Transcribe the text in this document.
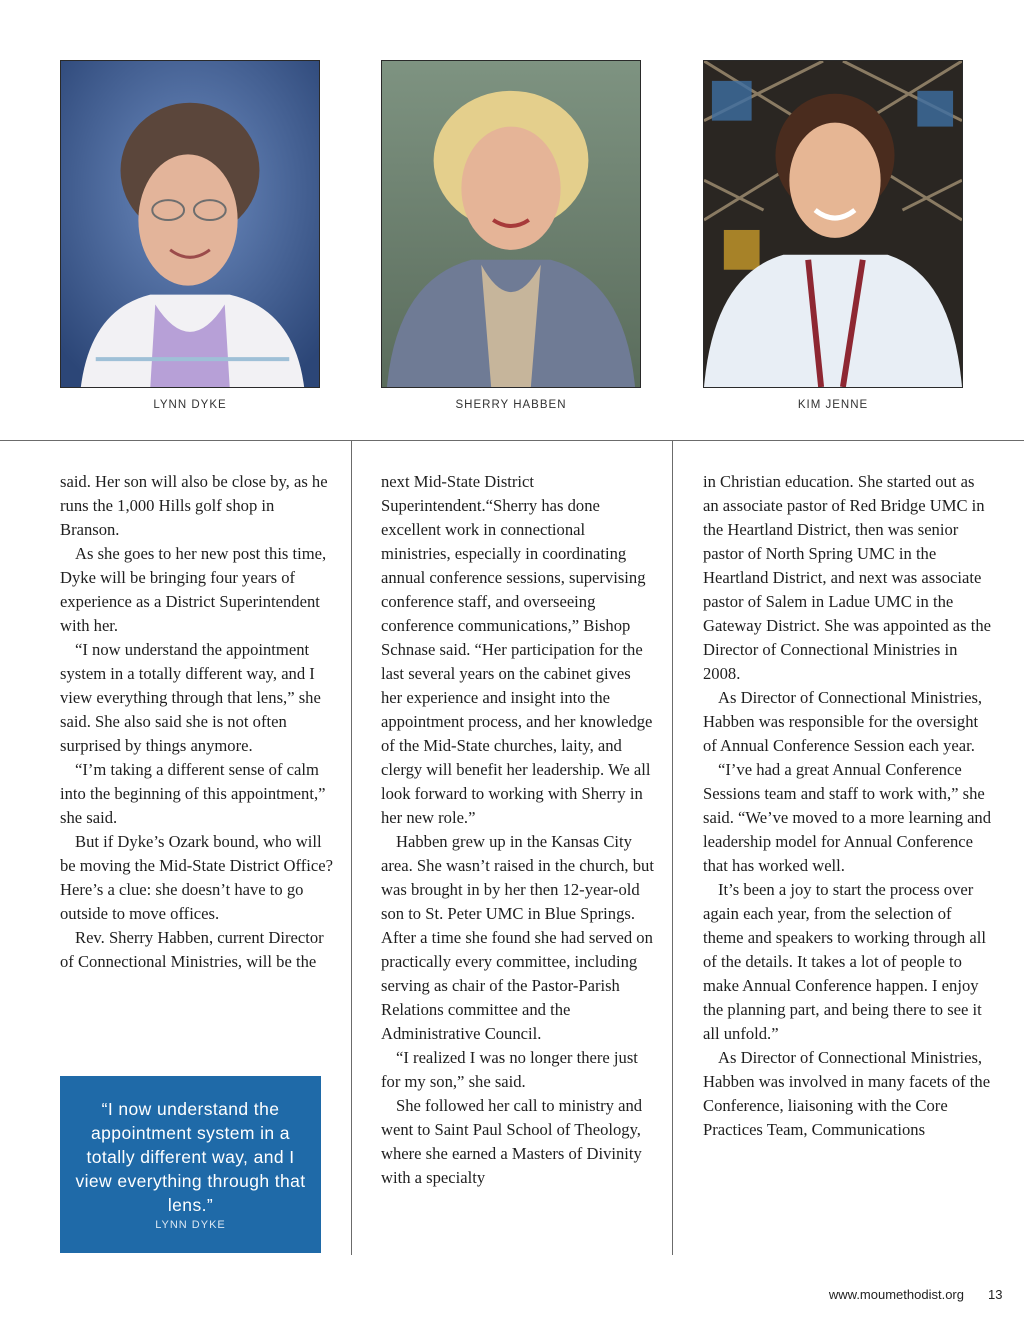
LYNN DYKE	SHERRY HABBEN	KIM JENNE

said. Her son will also be close by, as he runs the 1,000 Hills golf shop in Branson.

As she goes to her new post this time, Dyke will be bringing four years of experience as a District Superintendent with her.

“I now understand the appointment system in a totally different way, and I view everything through that lens,” she said. She also said she is not often surprised by things anymore.

“I’m taking a different sense of calm into the beginning of this appointment,” she said.

But if Dyke’s Ozark bound, who will be moving the Mid-State District Office? Here’s a clue: she doesn’t have to go outside to move offices.

Rev. Sherry Habben, current Director of Connectional Ministries, will be the

next Mid-State District Superintendent.“Sherry has done excellent work in connectional ministries, especially in coordinating annual conference sessions, supervising conference staff, and overseeing conference communications,” Bishop Schnase said. “Her participation for the last several years on the cabinet gives her experience and insight into the appointment process, and her knowledge of the Mid-State churches, laity, and clergy will benefit her leadership. We all look forward to working with Sherry in her new role.”

Habben grew up in the Kansas City area. She wasn’t raised in the church, but was brought in by her then 12-year-old son to St. Peter UMC in Blue Springs. After a time she found she had served on practically every committee, including serving as chair of the Pastor-Parish Relations committee and the Administrative Council.

“I realized I was no longer there just for my son,” she said.

She followed her call to ministry and went to Saint Paul School of Theology, where she earned a Masters of Divinity with a specialty

in Christian education. She started out as an associate pastor of Red Bridge UMC in the Heartland District, then was senior pastor of North Spring UMC in the Heartland District, and next was associate pastor of Salem in Ladue UMC in the Gateway District. She was appointed as the Director of Connectional Ministries in 2008.

As Director of Connectional Ministries, Habben was responsible for the oversight of Annual Conference Session each year.

“I’ve had a great Annual Conference Sessions team and staff to work with,” she said. “We’ve moved to a more learning and leadership model for Annual Conference that has worked well.

It’s been a joy to start the process over again each year, from the selection of theme and speakers to working through all of the details. It takes a lot of people to make Annual Conference happen. I enjoy the planning part, and being there to see it all unfold.”

As Director of Connectional Ministries, Habben was involved in many facets of the Conference, liaisoning with the Core Practices Team, Communications

“I now understand the appointment system in a totally different way, and I view everything through that lens.”
LYNN DYKE
www.moumethodist.org 13
